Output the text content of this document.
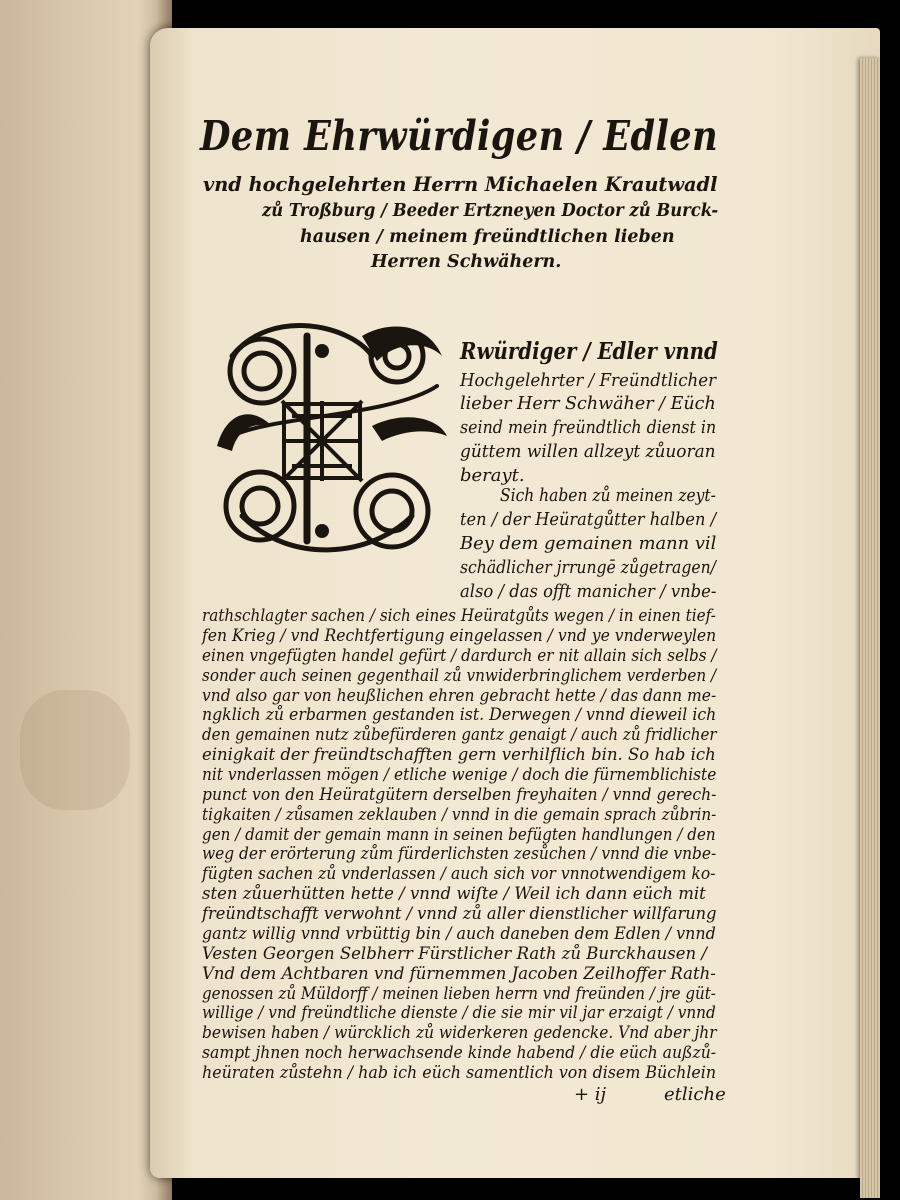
Dem Ehrwürdigen / Edlen
vnd hochgelehrten Herrn Michaelen Krautwadl
zů Troßburg / Beeder Ertzneyen Doctor zů Burck-
hausen / meinem freündtlichen lieben
Herren Schwähern.
Rwürdiger / Edler vnnd
Hochgelehrter / Freündtlicher
lieber Herr Schwäher / Eüch
seind mein freündtlich dienst in
güttem willen allzeyt zůuoran
berayt.
Sich haben zů meinen zeyt-
ten / der Heüratgůtter halben /
Bey dem gemainen mann vil
schädlicher jrrungē zůgetragen/
also / das offt manicher / vnbe-
rathschlagter sachen / sich eines Heüratgůts wegen / in einen tief-
fen Krieg / vnd Rechtfertigung eingelassen / vnd ye vnderweylen
einen vngefügten handel gefürt / dardurch er nit allain sich selbs /
sonder auch seinen gegenthail zů vnwiderbringlichem verderben /
vnd also gar von heußlichen ehren gebracht hette / das dann me-
ngklich zů erbarmen gestanden ist. Derwegen / vnnd dieweil ich
den gemainen nutz zůbefürderen gantz genaigt / auch zů fridlicher
einigkait der freündtschafften gern verhilflich bin. So hab ich
nit vnderlassen mögen / etliche wenige / doch die fürnemblichiste
punct von den Heüratgütern derselben freyhaiten / vnnd gerech-
tigkaiten / zůsamen zeklauben / vnnd in die gemain sprach zůbrin-
gen / damit der gemain mann in seinen befügten handlungen / den
weg der erörterung zům fürderlichsten zesůchen / vnnd die vnbe-
fügten sachen zů vnderlassen / auch sich vor vnnotwendigem ko-
sten zůuerhütten hette / vnnd wiſte / Weil ich dann eüch mit
freündtschafft verwohnt / vnnd zů aller dienstlicher willfarung
gantz willig vnnd vrbüttig bin / auch daneben dem Edlen / vnnd
Vesten Georgen Selbherr Fürstlicher Rath zů Burckhausen /
Vnd dem Achtbaren vnd fürnemmen Jacoben Zeilhoffer Rath-
genossen zů Müldorff / meinen lieben herrn vnd freünden / jre güt-
willige / vnd freündtliche dienste / die sie mir vil jar erzaigt / vnnd
bewisen haben / würcklich zů widerkeren gedencke. Vnd aber jhr
sampt jhnen noch herwachsende kinde habend / die eüch außzů-
heüraten zůstehn / hab ich eüch samentlich von disem Büchlein
+ ij	etliche
